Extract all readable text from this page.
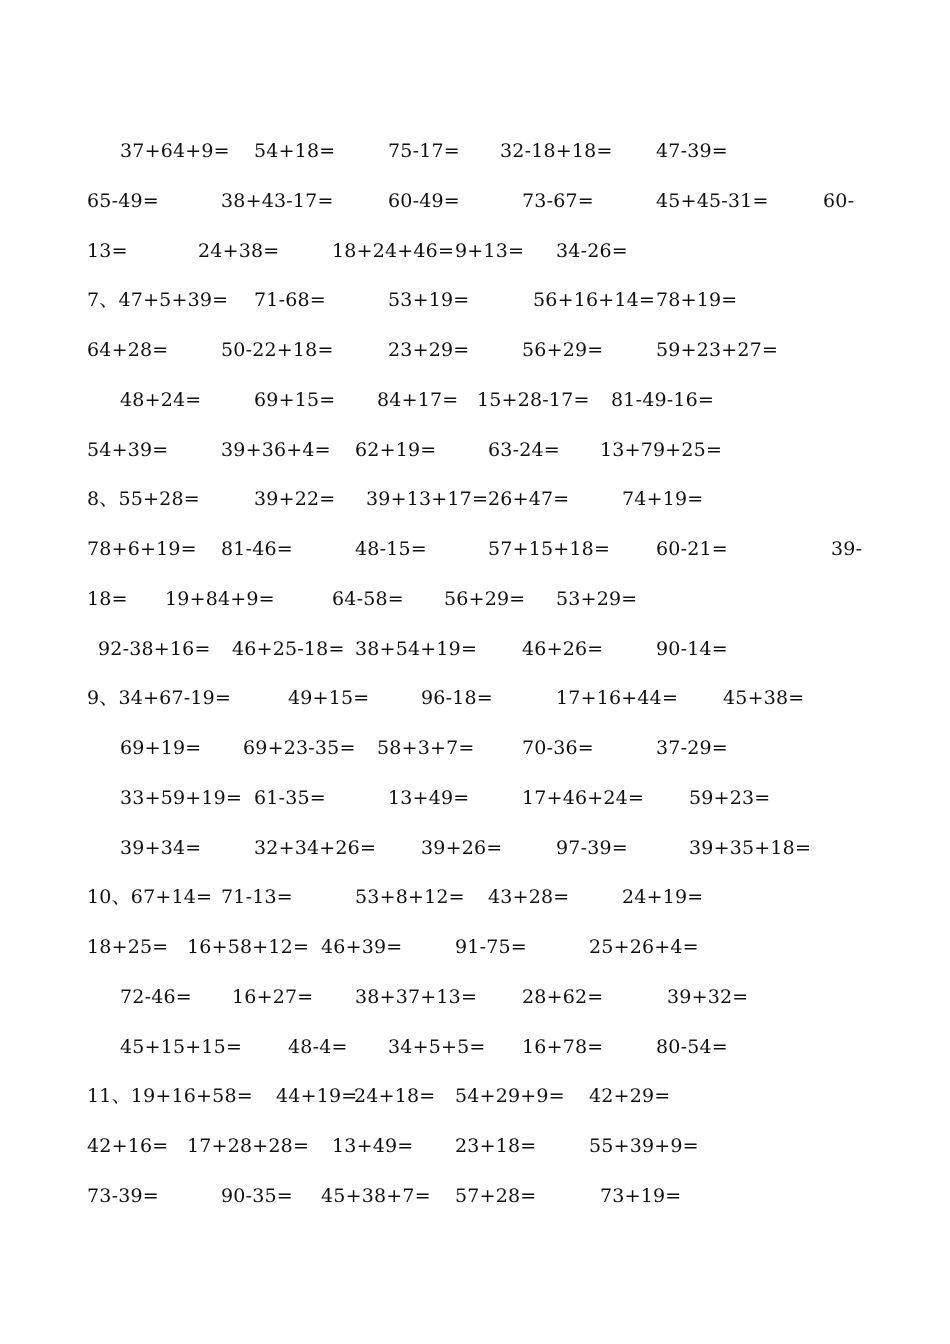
37+64+9= 54+18=	75-17= 32-18+18= 47-39=
65-49=	38+43-17=	60-49=	73-67=	45+45-31=	60-
13=	24+38=	18+24+46= 9+13= 34-26=
7、47+5+39= 71-68=	53+19=	56+16+14= 78+19=
64+28=	50-22+18=	23+29=	56+29=	59+23+27=
48+24=	69+15= 84+17= 15+28-17= 81-49-16=
54+39=	39+36+4= 62+19=	63-24= 13+79+25=
8、55+28=	39+22= 39+13+17= 26+47=	74+19=
78+6+19= 81-46=	48-15=	57+15+18= 60-21=	39-
18= 19+84+9=	64-58= 56+29= 53+29=
92-38+16= 46+25-18= 38+54+19= 46+26=	90-14=
9、34+67-19=	49+15=	96-18=	17+16+44= 45+38=
69+19= 69+23-35= 58+3+7= 70-36=	37-29=
33+59+19= 61-35=	13+49=	17+46+24= 59+23=
39+34=	32+34+26= 39+26=	97-39=	39+35+18=
10、67+14= 71-13=	53+8+12= 43+28=	24+19=
18+25= 16+58+12= 46+39=	91-75=	25+26+4=
72-46= 16+27= 38+37+13= 28+62=	39+32=
45+15+15= 48-4= 34+5+5= 16+78=	80-54=
11、19+16+58= 44+19=
24+18= 54+29+9= 42+29=
42+16= 17+28+28= 13+49= 23+18=	55+39+9=
73-39=	90-35= 45+38+7= 57+28=	73+19=
